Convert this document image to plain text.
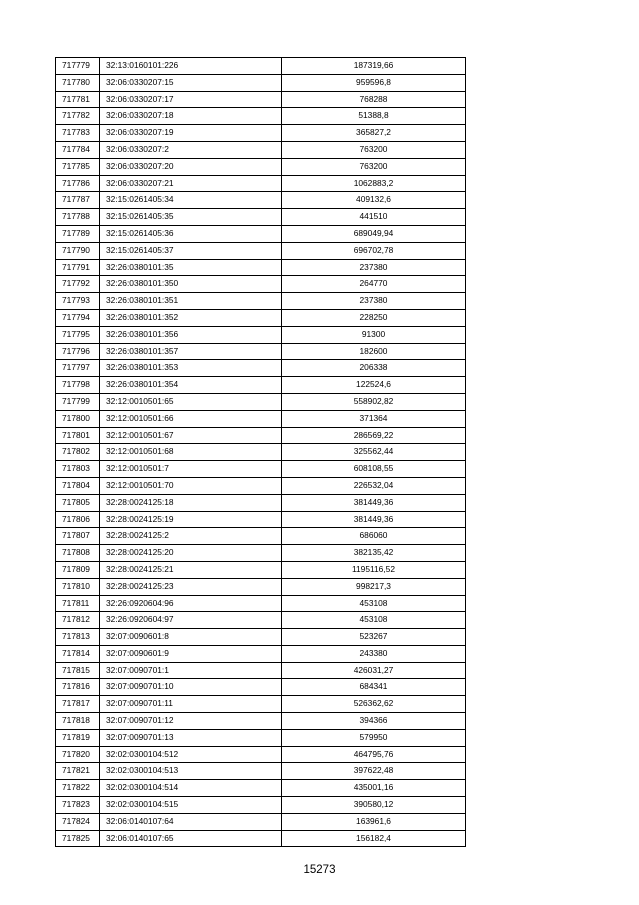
717779	32:13:0160101:226	187319,66
717780	32:06:0330207:15	959596,8
717781	32:06:0330207:17	768288
717782	32:06:0330207:18	51388,8
717783	32:06:0330207:19	365827,2
717784	32:06:0330207:2	763200
717785	32:06:0330207:20	763200
717786	32:06:0330207:21	1062883,2
717787	32:15:0261405:34	409132,6
717788	32:15:0261405:35	441510
717789	32:15:0261405:36	689049,94
717790	32:15:0261405:37	696702,78
717791	32:26:0380101:35	237380
717792	32:26:0380101:350	264770
717793	32:26:0380101:351	237380
717794	32:26:0380101:352	228250
717795	32:26:0380101:356	91300
717796	32:26:0380101:357	182600
717797	32:26:0380101:353	206338
717798	32:26:0380101:354	122524,6
717799	32:12:0010501:65	558902,82
717800	32:12:0010501:66	371364
717801	32:12:0010501:67	286569,22
717802	32:12:0010501:68	325562,44
717803	32:12:0010501:7	608108,55
717804	32:12:0010501:70	226532,04
717805	32:28:0024125:18	381449,36
717806	32:28:0024125:19	381449,36
717807	32:28:0024125:2	686060
717808	32:28:0024125:20	382135,42
717809	32:28:0024125:21	1195116,52
717810	32:28:0024125:23	998217,3
717811	32:26:0920604:96	453108
717812	32:26:0920604:97	453108
717813	32:07:0090601:8	523267
717814	32:07:0090601:9	243380
717815	32:07:0090701:1	426031,27
717816	32:07:0090701:10	684341
717817	32:07:0090701:11	526362,62
717818	32:07:0090701:12	394366
717819	32:07:0090701:13	579950
717820	32:02:0300104:512	464795,76
717821	32:02:0300104:513	397622,48
717822	32:02:0300104:514	435001,16
717823	32:02:0300104:515	390580,12
717824	32:06:0140107:64	163961,6
717825	32:06:0140107:65	156182,4
15273
